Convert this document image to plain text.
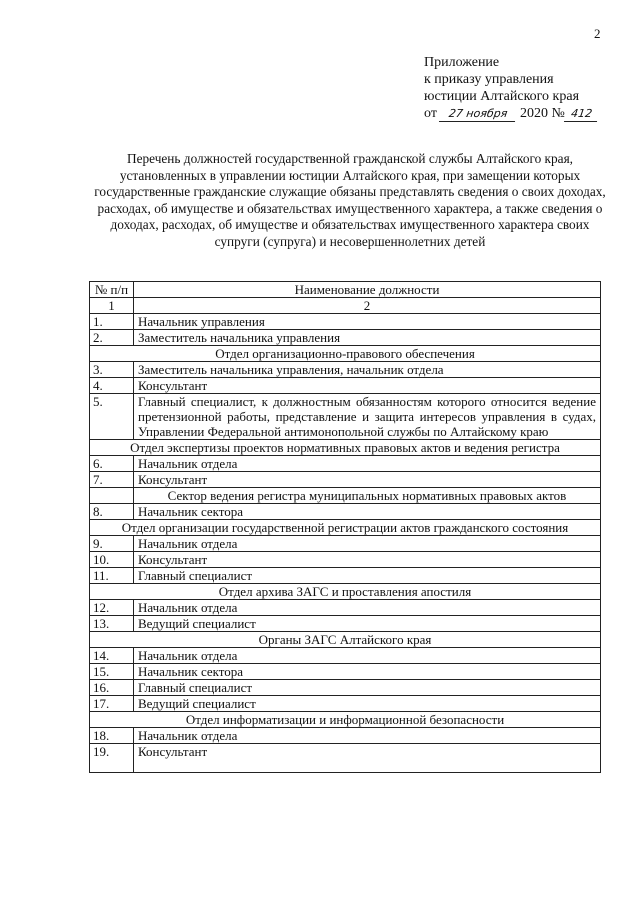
2
Приложение
к приказу управления
юстиции Алтайского края
от 27 ноября 2020 № 412
Перечень должностей государственной гражданской службы Алтайского края, установленных в управлении юстиции Алтайского края, при замещении которых государственные гражданские служащие обязаны представлять сведения о своих доходах, расходах, об имуществе и обязательствах имущественного характера, а также сведения о доходах, расходах, об имуществе и обязательствах имущественного характера своих супруги (супруга) и несовершеннолетних детей
№ п/п	Наименование должности
1	2
1.	Начальник управления
2.	Заместитель начальника управления
Отдел организационно-правового обеспечения	
3.	Заместитель начальника управления, начальник отдела
4.	Консультант
5.	Главный специалист, к должностным обязанностям которого относится ведение претензионной работы, представление и защита интересов управления в судах, Управлении Федеральной антимонопольной службы по Алтайскому краю
Отдел экспертизы проектов нормативных правовых актов и ведения регистра	
6.	Начальник отдела
7.	Консультант
	Сектор ведения регистра муниципальных нормативных правовых актов
8.	Начальник сектора
Отдел организации государственной регистрации актов гражданского состояния	
9.	Начальник отдела
10.	Консультант
11.	Главный специалист
Отдел архива ЗАГС и проставления апостиля	
12.	Начальник отдела
13.	Ведущий специалист
Органы ЗАГС Алтайского края	
14.	Начальник отдела
15.	Начальник сектора
16.	Главный специалист
17.	Ведущий специалист
Отдел информатизации и информационной безопасности	
18.	Начальник отдела
19.	Консультант
